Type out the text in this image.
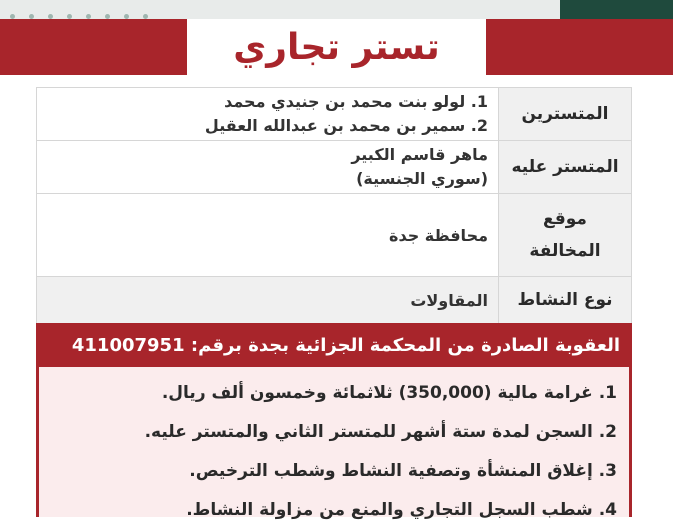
تستر تجاري
المتسترين	1. لولو بنت محمد بن جنيدي محمد
2. سمير بن محمد بن عبدالله العقيل

المتستر عليه	ماهر قاسم الكبير
(سوري الجنسية)

موقع
المخالفة	محافظة جدة
نوع النشاط	المقاولات
العقوبة الصادرة من المحكمة الجزائية بجدة برقم: 411007951
1. غرامة مالية (350,000) ثلاثمائة وخمسون ألف ريال.
2. السجن لمدة ستة أشهر للمتستر الثاني والمتستر عليه.
3. إغلاق المنشأة وتصفية النشاط وشطب الترخيص.
4. شطب السجل التجاري والمنع من مزاولة النشاط.
